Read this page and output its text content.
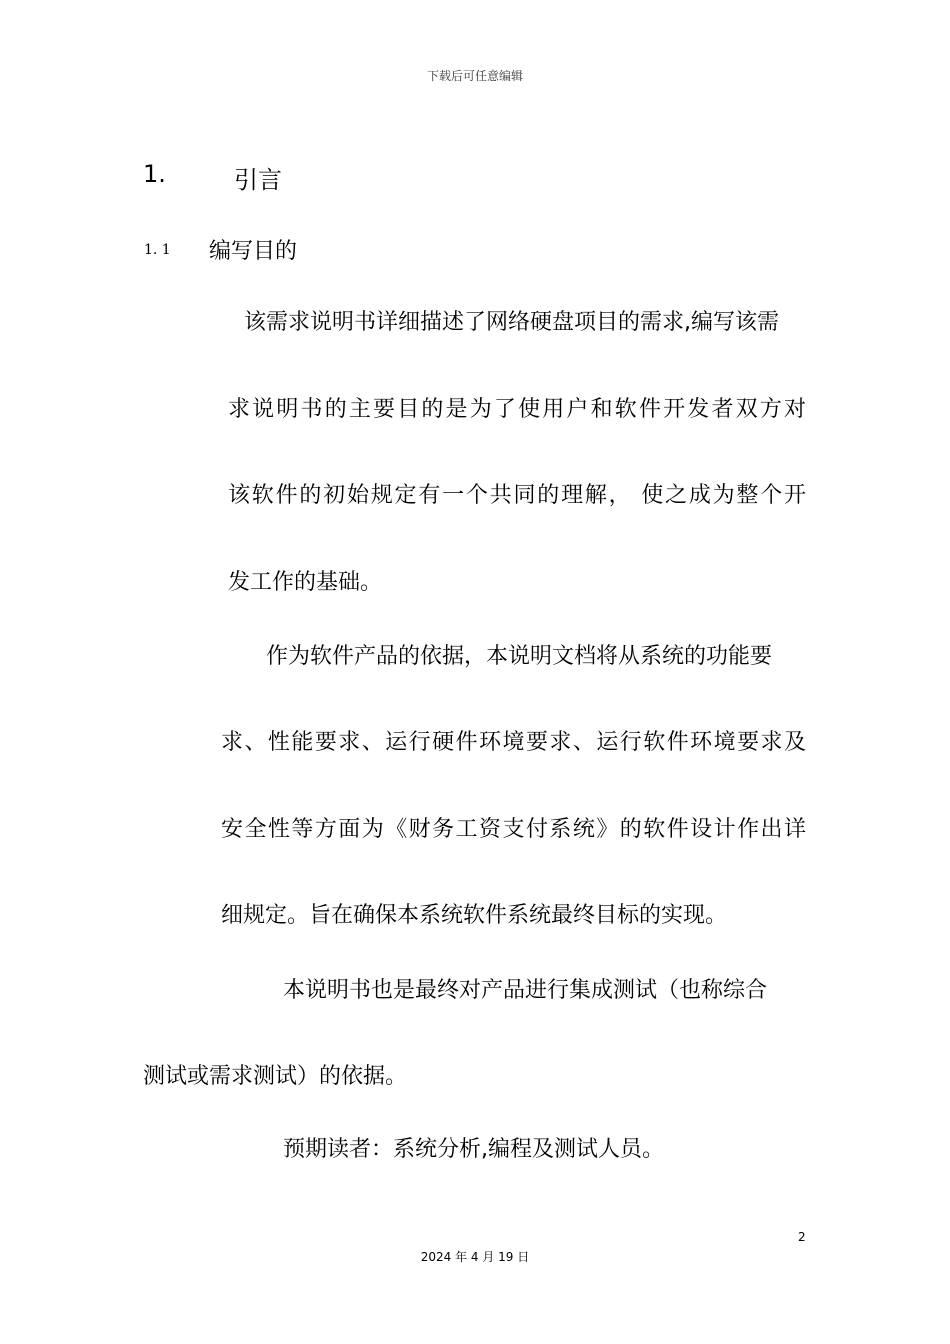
下载后可任意编辑
1.	引言
1. 1 编写目的
该需求说明书详细描述了网络硬盘项目的需求,编写该需
求说明书的主要目的是为了使用户和软件开发者双方对
该软件的初始规定有一个共同的理解， 使之成为整个开
发工作的基础。
作为软件产品的依据，本说明文档将从系统的功能要
求、性能要求、运行硬件环境要求、运行软件环境要求及
安全性等方面为《财务工资支付系统》的软件设计作出详
细规定。旨在确保本系统软件系统最终目标的实现。
本说明书也是最终对产品进行集成测试（也称综合
测试或需求测试）的依据。
预期读者：系统分析,编程及测试人员。
2
2024 年 4 月 19 日
